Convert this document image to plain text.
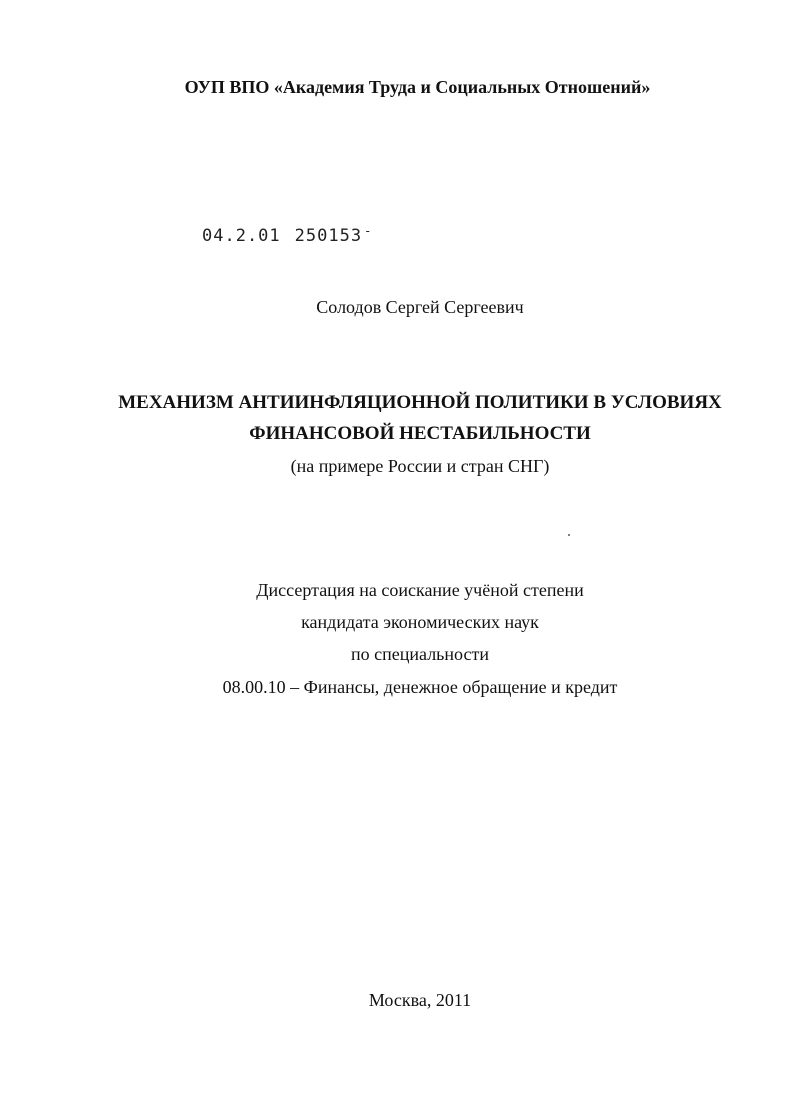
ОУП ВПО «Академия Труда и Социальных Отношений»
04.2.01 250153 -
Солодов Сергей Сергеевич
МЕХАНИЗМ АНТИИНФЛЯЦИОННОЙ ПОЛИТИКИ В УСЛОВИЯХ
ФИНАНСОВОЙ НЕСТАБИЛЬНОСТИ
(на примере России и стран СНГ)
Диссертация на соискание учёной степени
кандидата экономических наук
по специальности
08.00.10 – Финансы, денежное обращение и кредит
Москва, 2011
